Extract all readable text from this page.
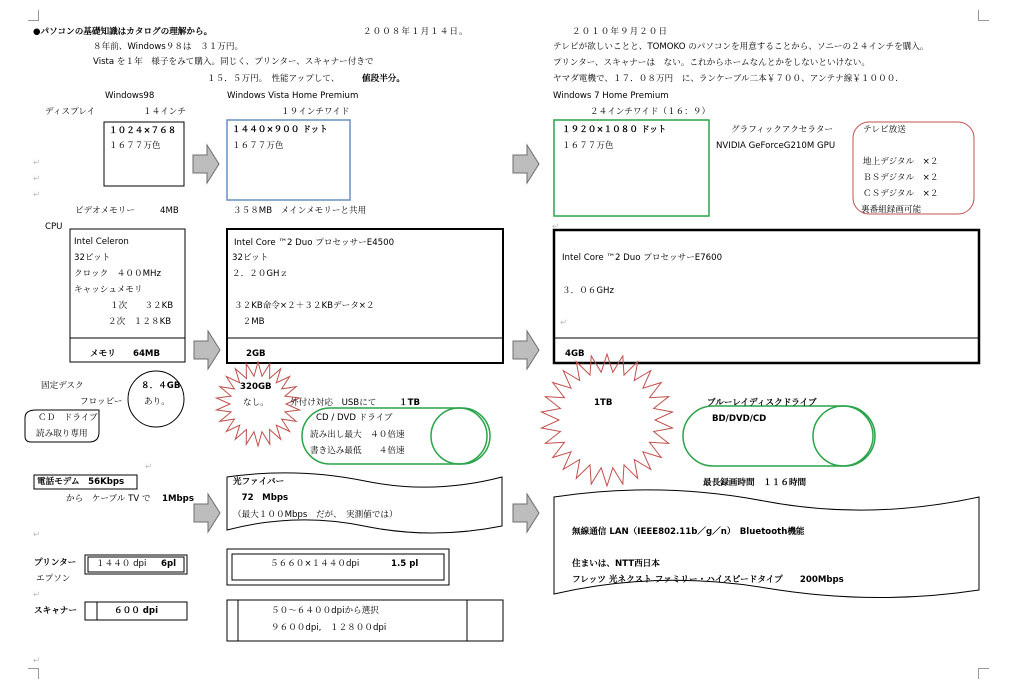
●パソコンの基礎知識はカタログの理解から。	２００８年１月１４日。
８年前、Windows９８は　３１万円。
Vista を１年　様子をみて購入。同じく、プリンター、スキャナー付きで
１５．５万円。　性能アップして、	値段半分。
Windows98	Windows Vista Home Premium
ディスプレイ	１４インチ	１９インチワイド
１０２４×７６８
１６７７万色
１４４０×９００ ドット
１６７７万色
ビデオメモリー	4MB	３５８MB　メインメモリーと共用
CPU
Intel Celeron
32ビット
クロック　４００MHz
キャッシュメモリ
１次　　３２KB
２次　１２８KB
メモリ　　64MB
Intel Core ™2 Duo プロセッサーE4500
32ビット
２．２０GHｚ
３２KB命令×２＋３２KBデータ×２
　２MB
2GB
固定デスク	８．４GB
フロッピー	あり。
ＣＤ　ドライブ
読み取り専用
320GB
なし。 外付け対応　USBにて	１TB
CD / DVD ドライブ
読み出し最大　４０倍速
書き込み最低　　４倍速
電話モデム　56Kbps
から　ケーブル TV で 1Mbps
光ファイバー
　72　Mbps
（最大１００Mbps　だが、　実測値では）
プリンター
エプソン
１４４０ dpi 6pl	５６６０×１４４０dpi	1.5 pl
スキャナー	６００ dpi	５０～６４００dpiから選択
９６００dpi,　１２８００dpi
↵
↵
↵
↵
↵
↵
↵
２０１０年９月２０日
テレビが欲しいことと、TOMOKO のパソコンを用意することから、ソニーの２４インチを購入。
プリンター、スキャナーは　ない。これからホームなんとかをしないといけない。
ヤマダ電機で、１７．０８万円　に、ランケーブル二本￥７００、アンテナ線￥１０００.
Windows 7 Home Premium
２４インチワイド（１６：９）
１９２０×１０８０ ドット
１６７７万色
グラフィックアクセラター
NVIDIA GeForceG210M GPU
テレビ放送
地上デジタル　×２
ＢＳデジタル　×２
ＣＳデジタル　×２
裏番組録画可能
Intel Core ™2 Duo プロセッサーE7600
３．０６GHz
4GB
1TB	ブルーレイディスクドライブ
BD/DVD/CD
最長録画時間　１１６時間
無線通信 LAN（IEEE802.11b／g／n）　Bluetooth機能
住まいは、NTT西日本
フレッツ 光ネクスト ファミリー・ハイスピードタイプ　　200Mbps
↵
↵
